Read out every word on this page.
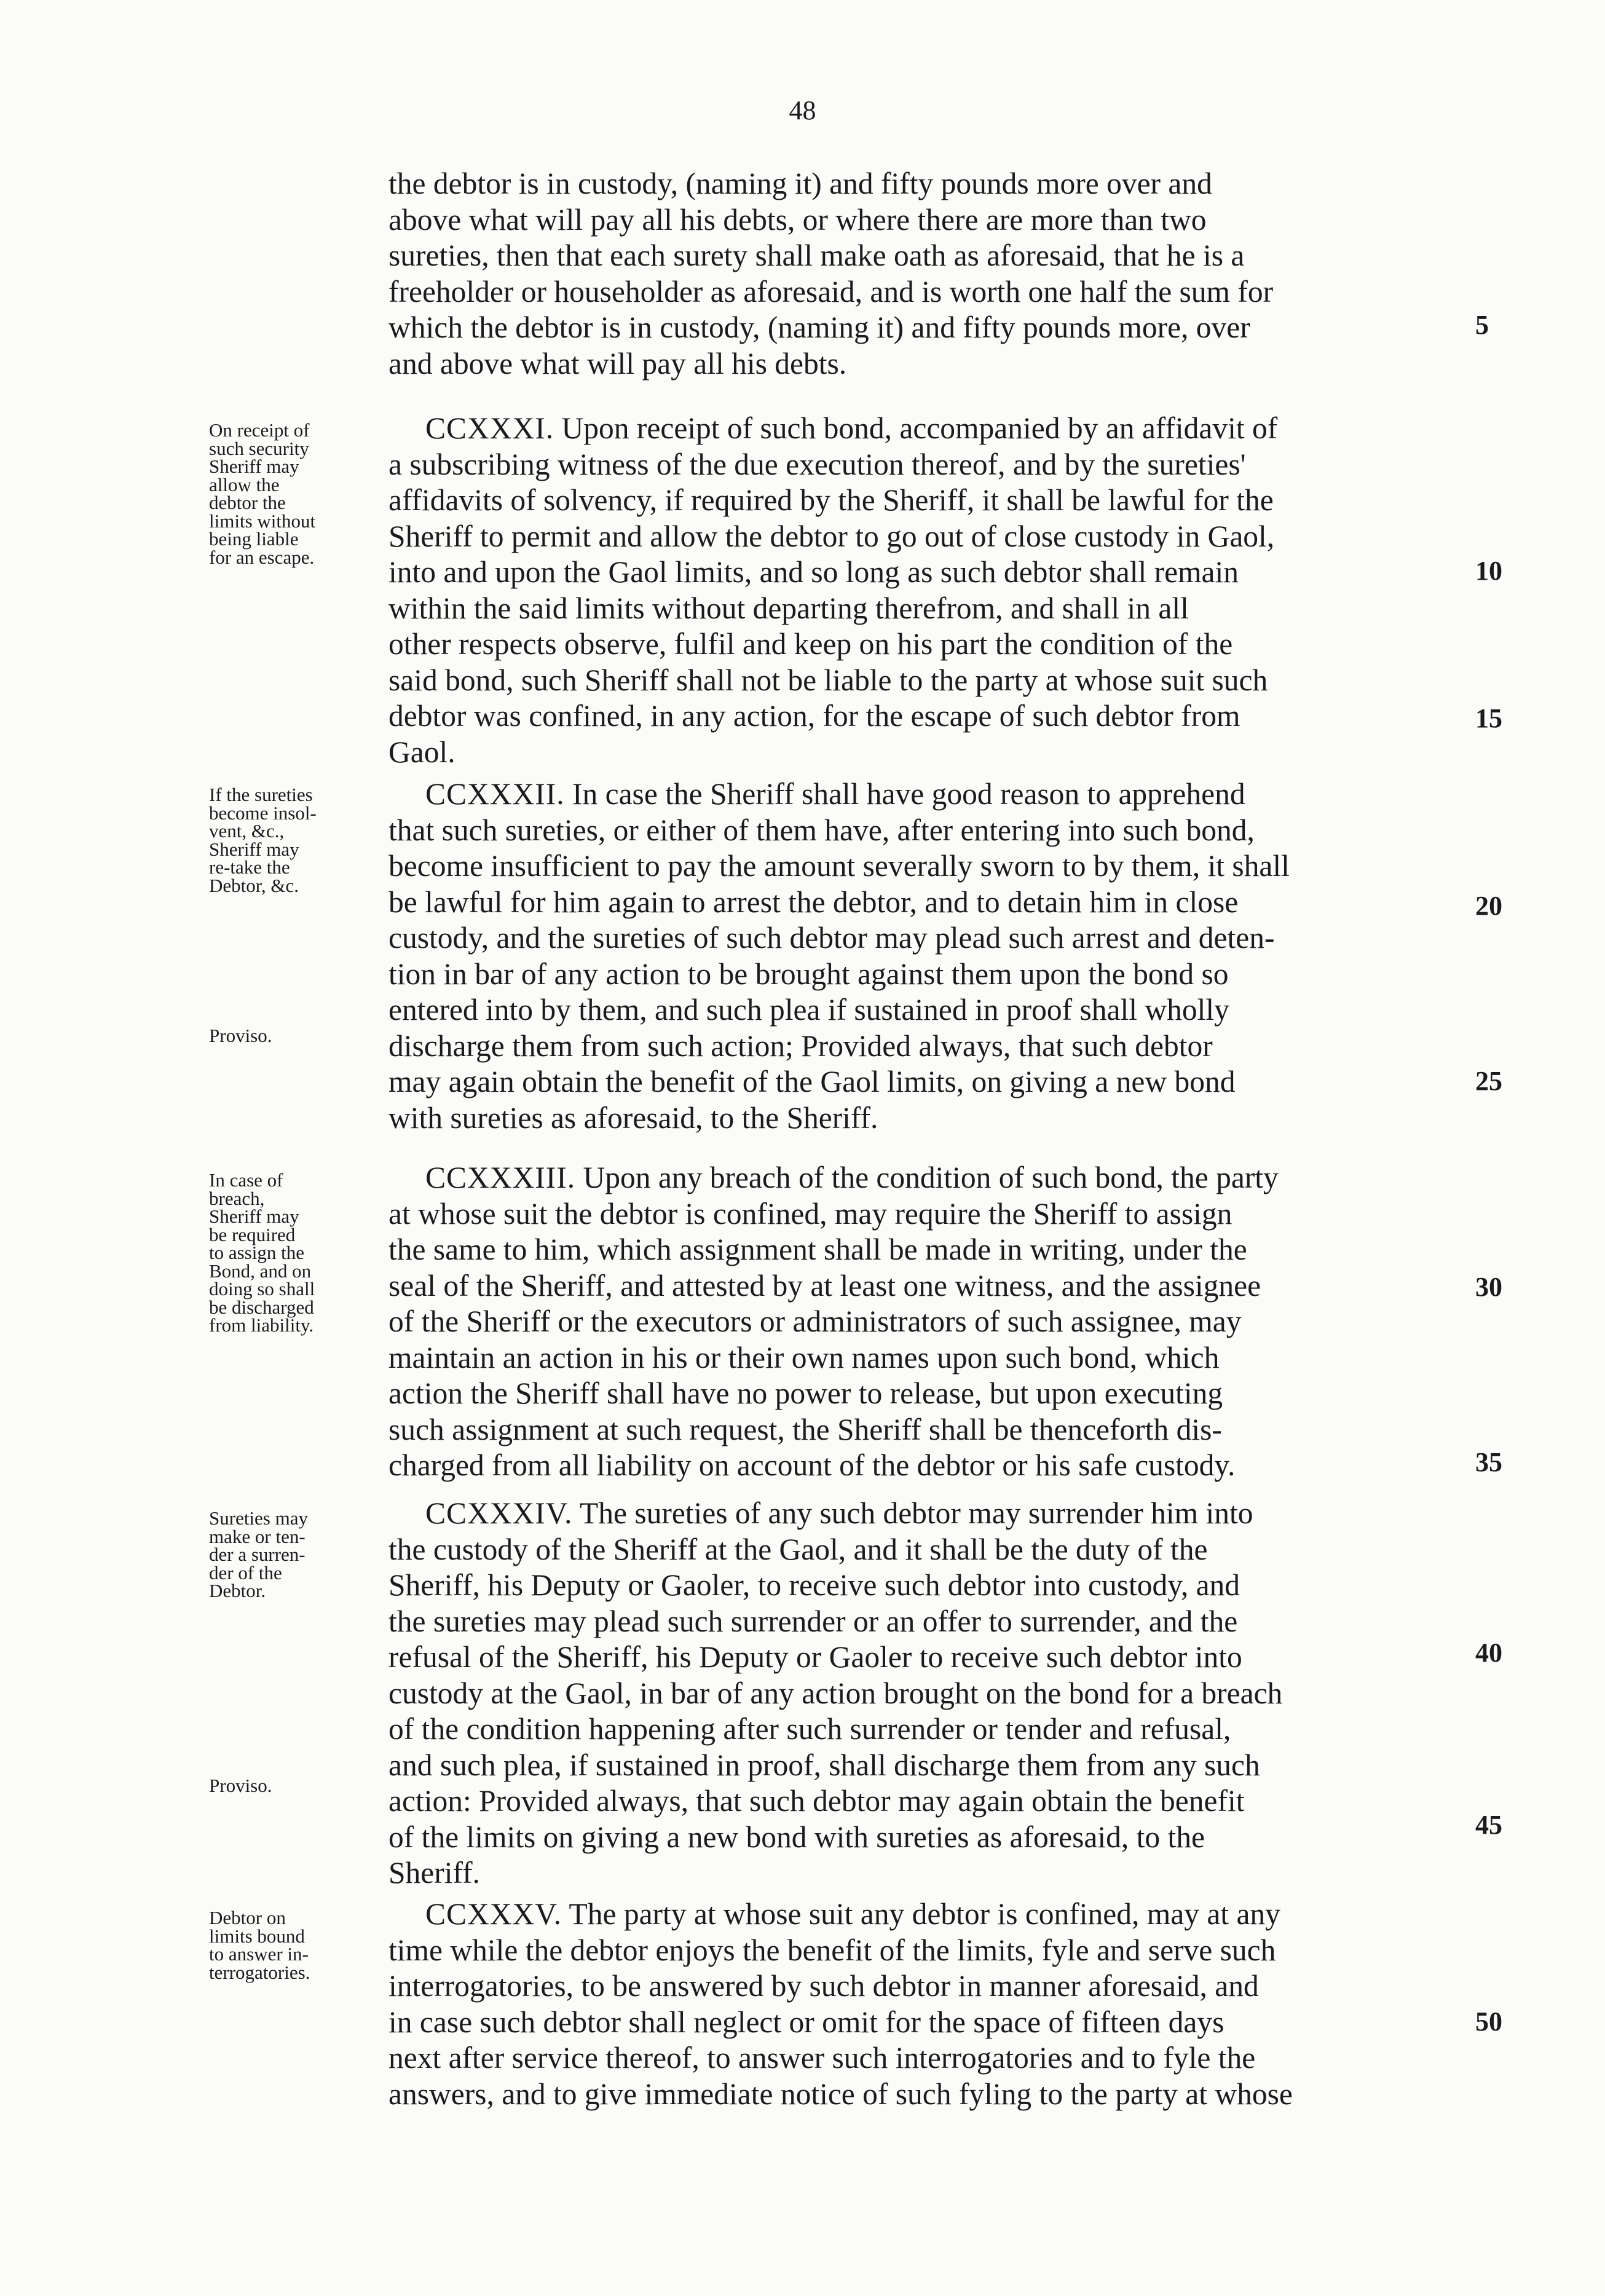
48
the debtor is in custody, (naming it) and fifty pounds more over and
above what will pay all his debts, or where there are more than two
sureties, then that each surety shall make oath as aforesaid, that he is a
freeholder or householder as aforesaid, and is worth one half the sum for
which the debtor is in custody, (naming it) and fifty pounds more, over
and above what will pay all his debts.
On receipt of
such security
Sheriff may
allow the
debtor the
limits without
being liable
for an escape.
CCXXXI. Upon receipt of such bond, accompanied by an affidavit of
a subscribing witness of the due execution thereof, and by the sureties'
affidavits of solvency, if required by the Sheriff, it shall be lawful for the
Sheriff to permit and allow the debtor to go out of close custody in Gaol,
into and upon the Gaol limits, and so long as such debtor shall remain
within the said limits without departing therefrom, and shall in all
other respects observe, fulfil and keep on his part the condition of the
said bond, such Sheriff shall not be liable to the party at whose suit such
debtor was confined, in any action, for the escape of such debtor from
Gaol.
If the sureties
become insol-
vent, &c.,
Sheriff may
re-take the
Debtor, &c.
Proviso.
CCXXXII. In case the Sheriff shall have good reason to apprehend
that such sureties, or either of them have, after entering into such bond,
become insufficient to pay the amount severally sworn to by them, it shall
be lawful for him again to arrest the debtor, and to detain him in close
custody, and the sureties of such debtor may plead such arrest and deten-
tion in bar of any action to be brought against them upon the bond so
entered into by them, and such plea if sustained in proof shall wholly
discharge them from such action; Provided always, that such debtor
may again obtain the benefit of the Gaol limits, on giving a new bond
with sureties as aforesaid, to the Sheriff.
In case of
breach,
Sheriff may
be required
to assign the
Bond, and on
doing so shall
be discharged
from liability.
CCXXXIII. Upon any breach of the condition of such bond, the party
at whose suit the debtor is confined, may require the Sheriff to assign
the same to him, which assignment shall be made in writing, under the
seal of the Sheriff, and attested by at least one witness, and the assignee
of the Sheriff or the executors or administrators of such assignee, may
maintain an action in his or their own names upon such bond, which
action the Sheriff shall have no power to release, but upon executing
such assignment at such request, the Sheriff shall be thenceforth dis-
charged from all liability on account of the debtor or his safe custody.
Sureties may
make or ten-
der a surren-
der of the
Debtor.
Proviso.
CCXXXIV. The sureties of any such debtor may surrender him into
the custody of the Sheriff at the Gaol, and it shall be the duty of the
Sheriff, his Deputy or Gaoler, to receive such debtor into custody, and
the sureties may plead such surrender or an offer to surrender, and the
refusal of the Sheriff, his Deputy or Gaoler to receive such debtor into
custody at the Gaol, in bar of any action brought on the bond for a breach
of the condition happening after such surrender or tender and refusal,
and such plea, if sustained in proof, shall discharge them from any such
action: Provided always, that such debtor may again obtain the benefit
of the limits on giving a new bond with sureties as aforesaid, to the
Sheriff.
Debtor on
limits bound
to answer in-
terrogatories.
CCXXXV. The party at whose suit any debtor is confined, may at any
time while the debtor enjoys the benefit of the limits, fyle and serve such
interrogatories, to be answered by such debtor in manner aforesaid, and
in case such debtor shall neglect or omit for the space of fifteen days
next after service thereof, to answer such interrogatories and to fyle the
answers, and to give immediate notice of such fyling to the party at whose
5
10
15
20
25
30
35
40
45
50
